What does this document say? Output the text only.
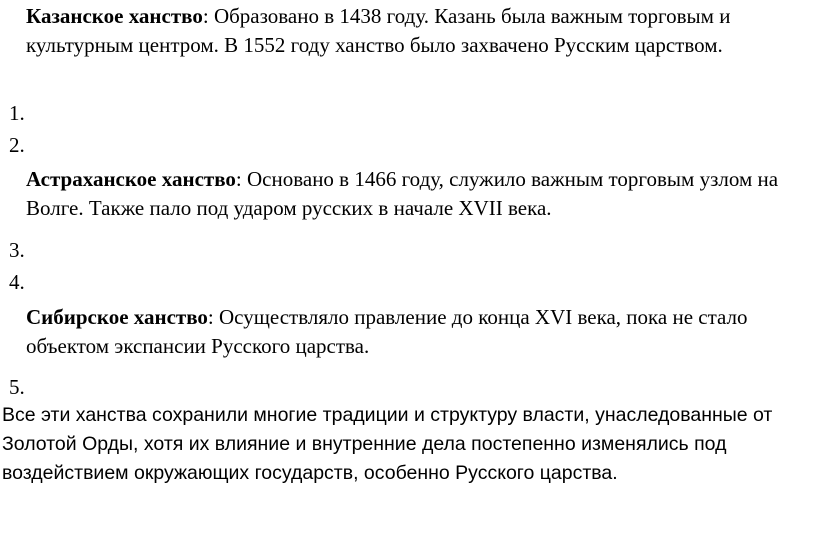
Казанское ханство: Образовано в 1438 году. Казань была важным торговым и культурным центром. В 1552 году ханство было захвачено Русским царством.
1.
2.
Астраханское ханство: Основано в 1466 году, служило важным торговым узлом на Волге. Также пало под ударом русских в начале XVII века.
3.
4.
Сибирское ханство: Осуществляло правление до конца XVI века, пока не стало объектом экспансии Русского царства.
5.
Все эти ханства сохранили многие традиции и структуру власти, унаследованные от Золотой Орды, хотя их влияние и внутренние дела постепенно изменялись под воздействием окружающих государств, особенно Русского царства.
